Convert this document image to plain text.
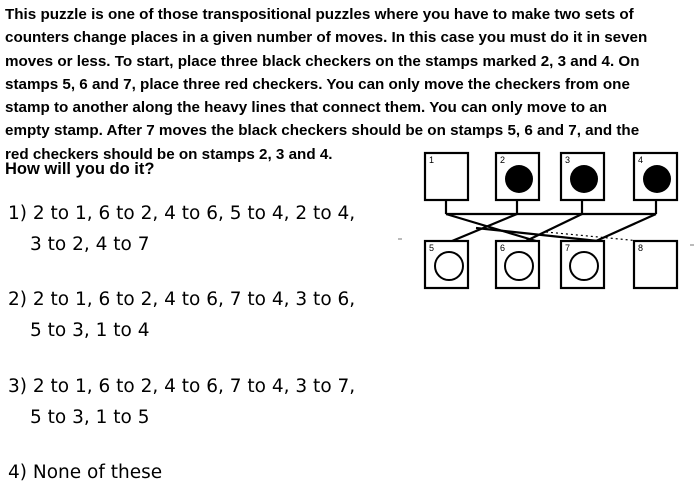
This puzzle is one of those transpositional puzzles where you have to make two sets of
counters change places in a given number of moves. In this case you must do it in seven
moves or less. To start, place three black checkers on the stamps marked 2, 3 and 4. On
stamps 5, 6 and 7, place three red checkers. You can only move the checkers from one
stamp to another along the heavy lines that connect them. You can only move to an
empty stamp. After 7 moves the black checkers should be on stamps 5, 6 and 7, and the
red checkers should be on stamps 2, 3 and 4.
How will you do it?
1) 2 to 1, 6 to 2, 4 to 6, 5 to 4, 2 to 4,
3 to 2, 4 to 7
2) 2 to 1, 6 to 2, 4 to 6, 7 to 4, 3 to 6,
5 to 3, 1 to 4
3) 2 to 1, 6 to 2, 4 to 6, 7 to 4, 3 to 7,
5 to 3, 1 to 5
4) None of these
1	2	3	4
5	6	7	8
